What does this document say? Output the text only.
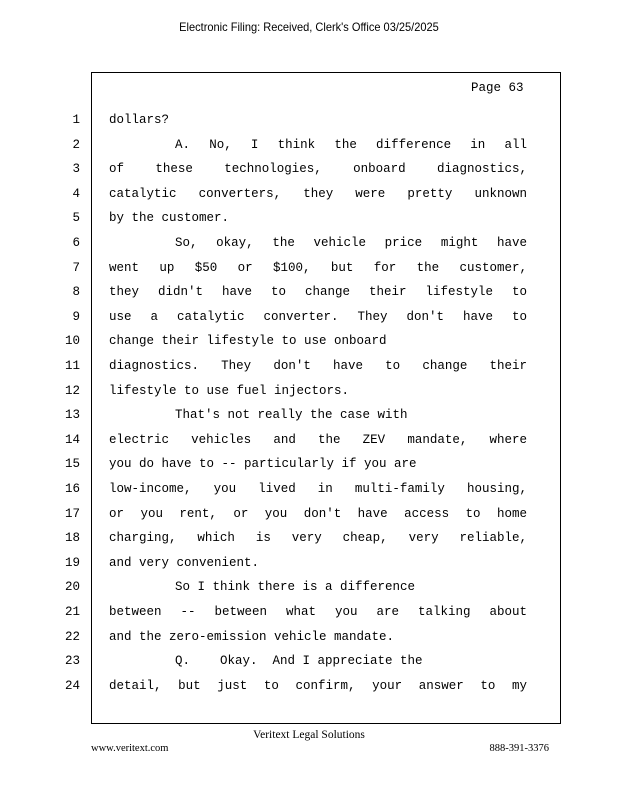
Electronic Filing: Received, Clerk's Office 03/25/2025
Page 63
1 dollars?
2	A. No, I think the difference in all
3 of these technologies, onboard diagnostics,
4 catalytic converters, they were pretty unknown
5 by the customer.
6	So, okay, the vehicle price might have
7 went up $50 or $100, but for the customer,
8 they didn't have to change their lifestyle to
9 use a catalytic converter. They don't have to
10 change their lifestyle to use onboard
11 diagnostics. They don't have to change their
12 lifestyle to use fuel injectors.
13	That's not really the case with
14 electric vehicles and the ZEV mandate, where
15 you do have to -- particularly if you are
16 low-income, you lived in multi-family housing,
17 or you rent, or you don't have access to home
18 charging, which is very cheap, very reliable,
19 and very convenient.
20	So I think there is a difference
21 between -- between what you are talking about
22 and the zero-emission vehicle mandate.
23	Q.    Okay.  And I appreciate the
24 detail, but just to confirm, your answer to my
Veritext Legal Solutions
www.veritext.com	888-391-3376
